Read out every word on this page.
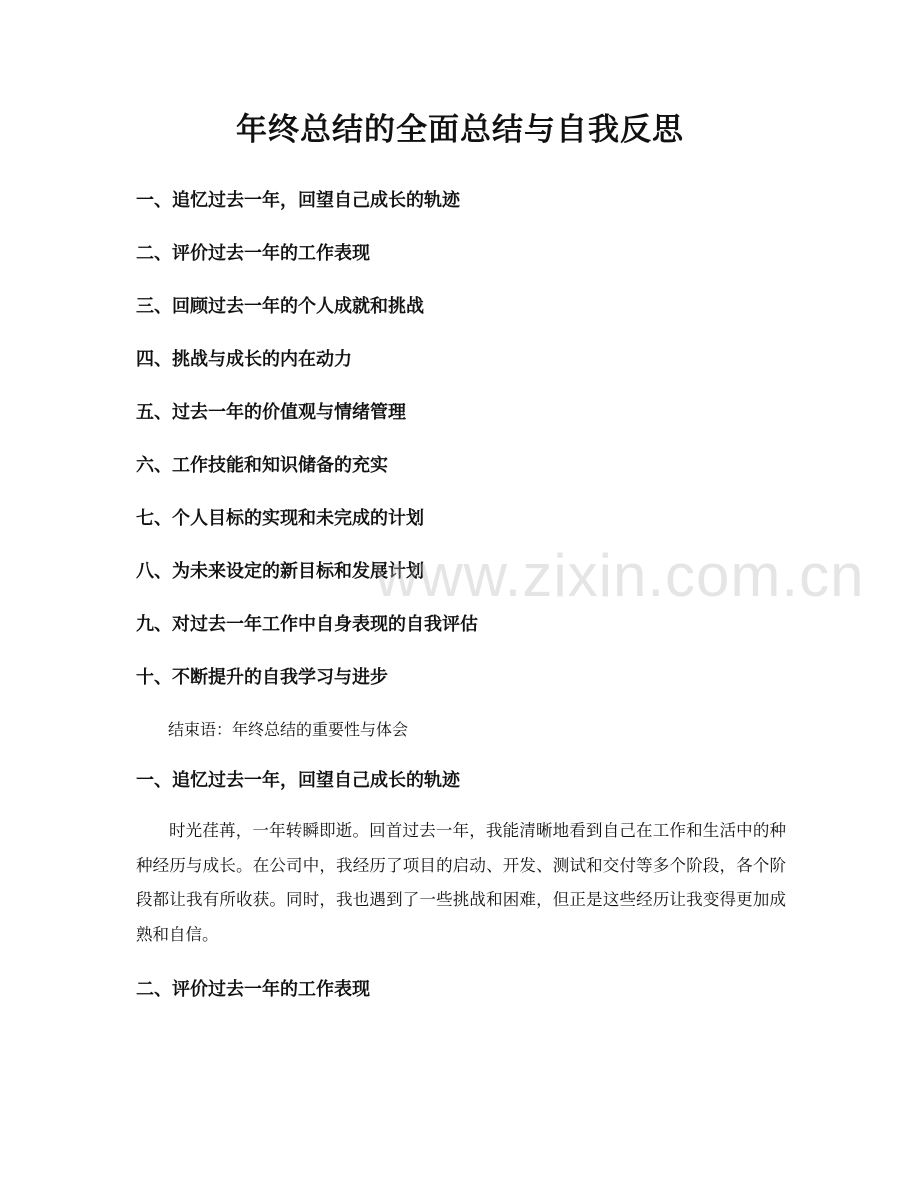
年终总结的全面总结与自我反思
一、追忆过去一年，回望自己成长的轨迹
二、评价过去一年的工作表现
三、回顾过去一年的个人成就和挑战
四、挑战与成长的内在动力
五、过去一年的价值观与情绪管理
六、工作技能和知识储备的充实
七、个人目标的实现和未完成的计划
八、为未来设定的新目标和发展计划
九、对过去一年工作中自身表现的自我评估
十、不断提升的自我学习与进步
结束语：年终总结的重要性与体会
一、追忆过去一年，回望自己成长的轨迹

时光荏苒，一年转瞬即逝。回首过去一年，我能清晰地看到自己在工作和生活中的种种经历与成长。在公司中，我经历了项目的启动、开发、测试和交付等多个阶段，各个阶段都让我有所收获。同时，我也遇到了一些挑战和困难，但正是这些经历让我变得更加成熟和自信。

二、评价过去一年的工作表现
www.zixin.com.cn
